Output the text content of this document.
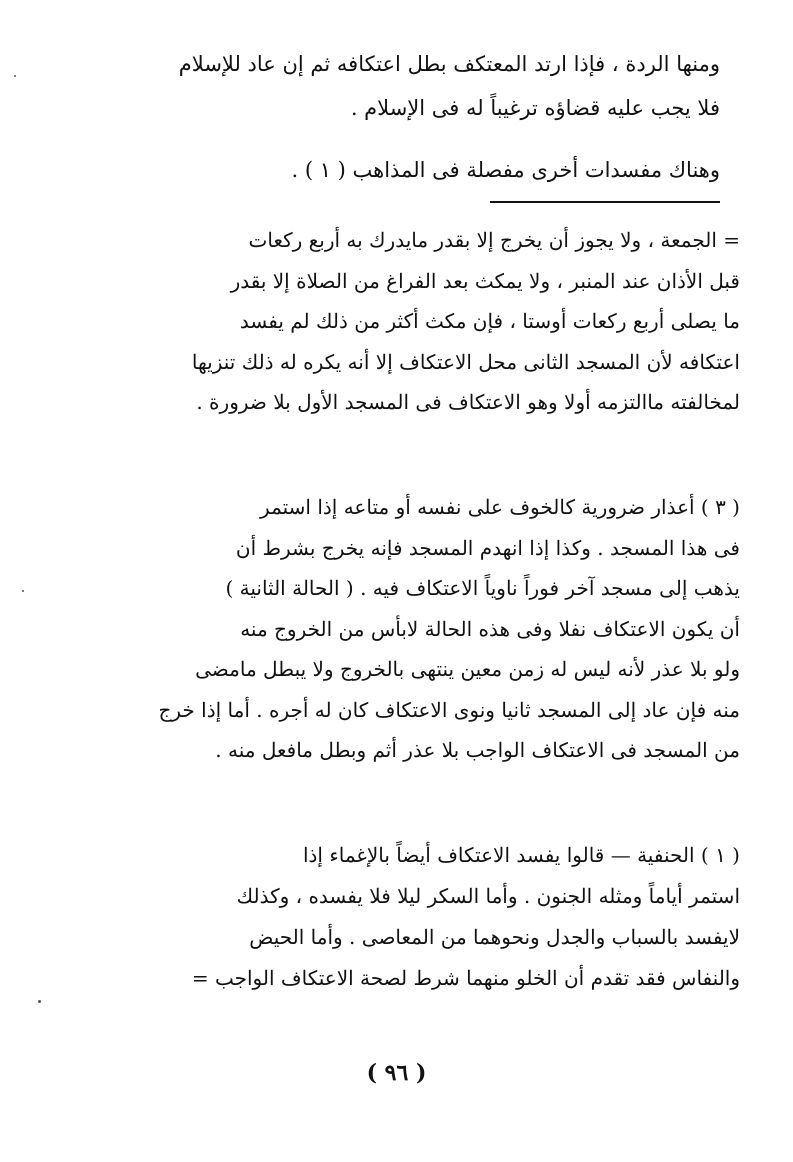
ومنها الردة ، فإذا ارتد المعتكف بطل اعتكافه ثم إن عاد للإسلام
فلا يجب عليه قضاؤه ترغيباً له فى الإسلام .
وهناك مفسدات أخرى مفصلة فى المذاهب ( ١ ) .
= الجمعة ، ولا يجوز أن يخرج إلا بقدر مايدرك به أربع ركعات
قبل الأذان عند المنبر ، ولا يمكث بعد الفراغ من الصلاة إلا بقدر
ما يصلى أربع ركعات أوستا ، فإن مكث أكثر من ذلك لم يفسد
اعتكافه لأن المسجد الثانى محل الاعتكاف إلا أنه يكره له ذلك تنزيها
لمخالفته ماالتزمه أولا وهو الاعتكاف فى المسجد الأول بلا ضرورة .
( ٣ ) أعذار ضرورية كالخوف على نفسه أو متاعه إذا استمر
فى هذا المسجد . وكذا إذا انهدم المسجد فإنه يخرج بشرط أن
يذهب إلى مسجد آخر فوراً ناوياً الاعتكاف فيه . ( الحالة الثانية )
أن يكون الاعتكاف نفلا وفى هذه الحالة لابأس من الخروج منه
ولو بلا عذر لأنه ليس له زمن معين ينتهى بالخروج ولا يبطل مامضى
منه فإن عاد إلى المسجد ثانيا ونوى الاعتكاف كان له أجره . أما إذا خرج
من المسجد فى الاعتكاف الواجب بلا عذر أثم وبطل مافعل منه .
( ١ ) الحنفية — قالوا يفسد الاعتكاف أيضاً بالإغماء إذا
استمر أياماً ومثله الجنون . وأما السكر ليلا فلا يفسده ، وكذلك
لايفسد بالسباب والجدل ونحوهما من المعاصى . وأما الحيض
والنفاس فقد تقدم أن الخلو منهما شرط لصحة الاعتكاف الواجب =
( ٩٦ )
